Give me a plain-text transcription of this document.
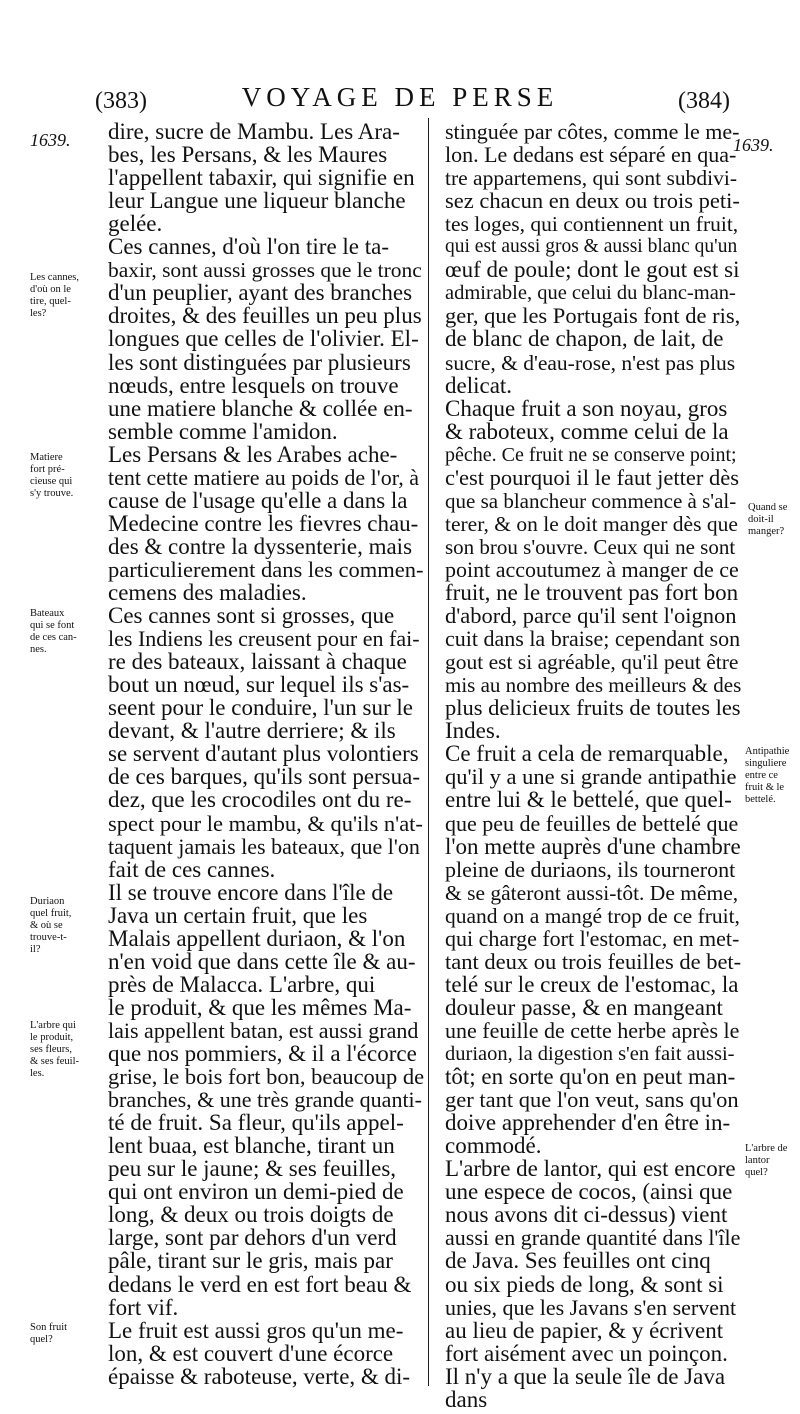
(383)	VOYAGE DE PERSE	(384)
1639.	1639.
dire, sucre de Mambu. Les Ara-
bes, les Persans, & les Maures
l'appellent tabaxir, qui signifie en
leur Langue une liqueur blanche
gelée.
Ces cannes, d'où l'on tire le ta-
baxir, sont aussi grosses que le tronc
d'un peuplier, ayant des branches
droites, & des feuilles un peu plus
longues que celles de l'olivier. El-
les sont distinguées par plusieurs
nœuds, entre lesquels on trouve
une matiere blanche & collée en-
semble comme l'amidon.
Les Persans & les Arabes ache-
tent cette matiere au poids de l'or, à
cause de l'usage qu'elle a dans la
Medecine contre les fievres chau-
des & contre la dyssenterie, mais
particulierement dans les commen-
cemens des maladies.
Ces cannes sont si grosses, que
les Indiens les creusent pour en fai-
re des bateaux, laissant à chaque
bout un nœud, sur lequel ils s'as-
seent pour le conduire, l'un sur le
devant, & l'autre derriere; & ils
se servent d'autant plus volontiers
de ces barques, qu'ils sont persua-
dez, que les crocodiles ont du re-
spect pour le mambu, & qu'ils n'at-
taquent jamais les bateaux, que l'on
fait de ces cannes.
Il se trouve encore dans l'île de
Java un certain fruit, que les
Malais appellent duriaon, & l'on
n'en void que dans cette île & au-
près de Malacca. L'arbre, qui
le produit, & que les mêmes Ma-
lais appellent batan, est aussi grand
que nos pommiers, & il a l'écorce
grise, le bois fort bon, beaucoup de
branches, & une très grande quanti-
té de fruit. Sa fleur, qu'ils appel-
lent buaa, est blanche, tirant un
peu sur le jaune; & ses feuilles,
qui ont environ un demi-pied de
long, & deux ou trois doigts de
large, sont par dehors d'un verd
pâle, tirant sur le gris, mais par
dedans le verd en est fort beau &
fort vif.
Le fruit est aussi gros qu'un me-
lon, & est couvert d'une écorce
épaisse & raboteuse, verte, & di-
stinguée par côtes, comme le me-
lon. Le dedans est séparé en qua-
tre appartemens, qui sont subdivi-
sez chacun en deux ou trois peti-
tes loges, qui contiennent un fruit,
qui est aussi gros & aussi blanc qu'un
œuf de poule; dont le gout est si
admirable, que celui du blanc-man-
ger, que les Portugais font de ris,
de blanc de chapon, de lait, de
sucre, & d'eau-rose, n'est pas plus
delicat.
Chaque fruit a son noyau, gros
& raboteux, comme celui de la
pêche. Ce fruit ne se conserve point;
c'est pourquoi il le faut jetter dès
que sa blancheur commence à s'al-
terer, & on le doit manger dès que
son brou s'ouvre. Ceux qui ne sont
point accoutumez à manger de ce
fruit, ne le trouvent pas fort bon
d'abord, parce qu'il sent l'oignon
cuit dans la braise; cependant son
gout est si agréable, qu'il peut être
mis au nombre des meilleurs & des
plus delicieux fruits de toutes les
Indes.
Ce fruit a cela de remarquable,
qu'il y a une si grande antipathie
entre lui & le bettelé, que quel-
que peu de feuilles de bettelé que
l'on mette auprès d'une chambre
pleine de duriaons, ils tourneront
& se gâteront aussi-tôt. De même,
quand on a mangé trop de ce fruit,
qui charge fort l'estomac, en met-
tant deux ou trois feuilles de bet-
telé sur le creux de l'estomac, la
douleur passe, & en mangeant
une feuille de cette herbe après le
duriaon, la digestion s'en fait aussi-
tôt; en sorte qu'on en peut man-
ger tant que l'on veut, sans qu'on
doive apprehender d'en être in-
commodé.
L'arbre de lantor, qui est encore
une espece de cocos, (ainsi que
nous avons dit ci-dessus) vient
aussi en grande quantité dans l'île
de Java. Ses feuilles ont cinq
ou six pieds de long, & sont si
unies, que les Javans s'en servent
au lieu de papier, & y écrivent
fort aisément avec un poinçon.
Il n'y a que la seule île de Java
dans
Les cannes,
d'où on le
tire, quel-
les?
Matiere
fort pré-
cieuse qui
s'y trouve.
Bateaux
qui se font
de ces can-
nes.
Duriaon
quel fruit,
& où se
trouve-t-
il?
L'arbre qui
le produit,
ses fleurs,
& ses feuil-
les.
Son fruit
quel?
Quand se
doit-il
manger?
Antipathie
singuliere
entre ce
fruit & le
bettelé.
L'arbre de
lantor
quel?
